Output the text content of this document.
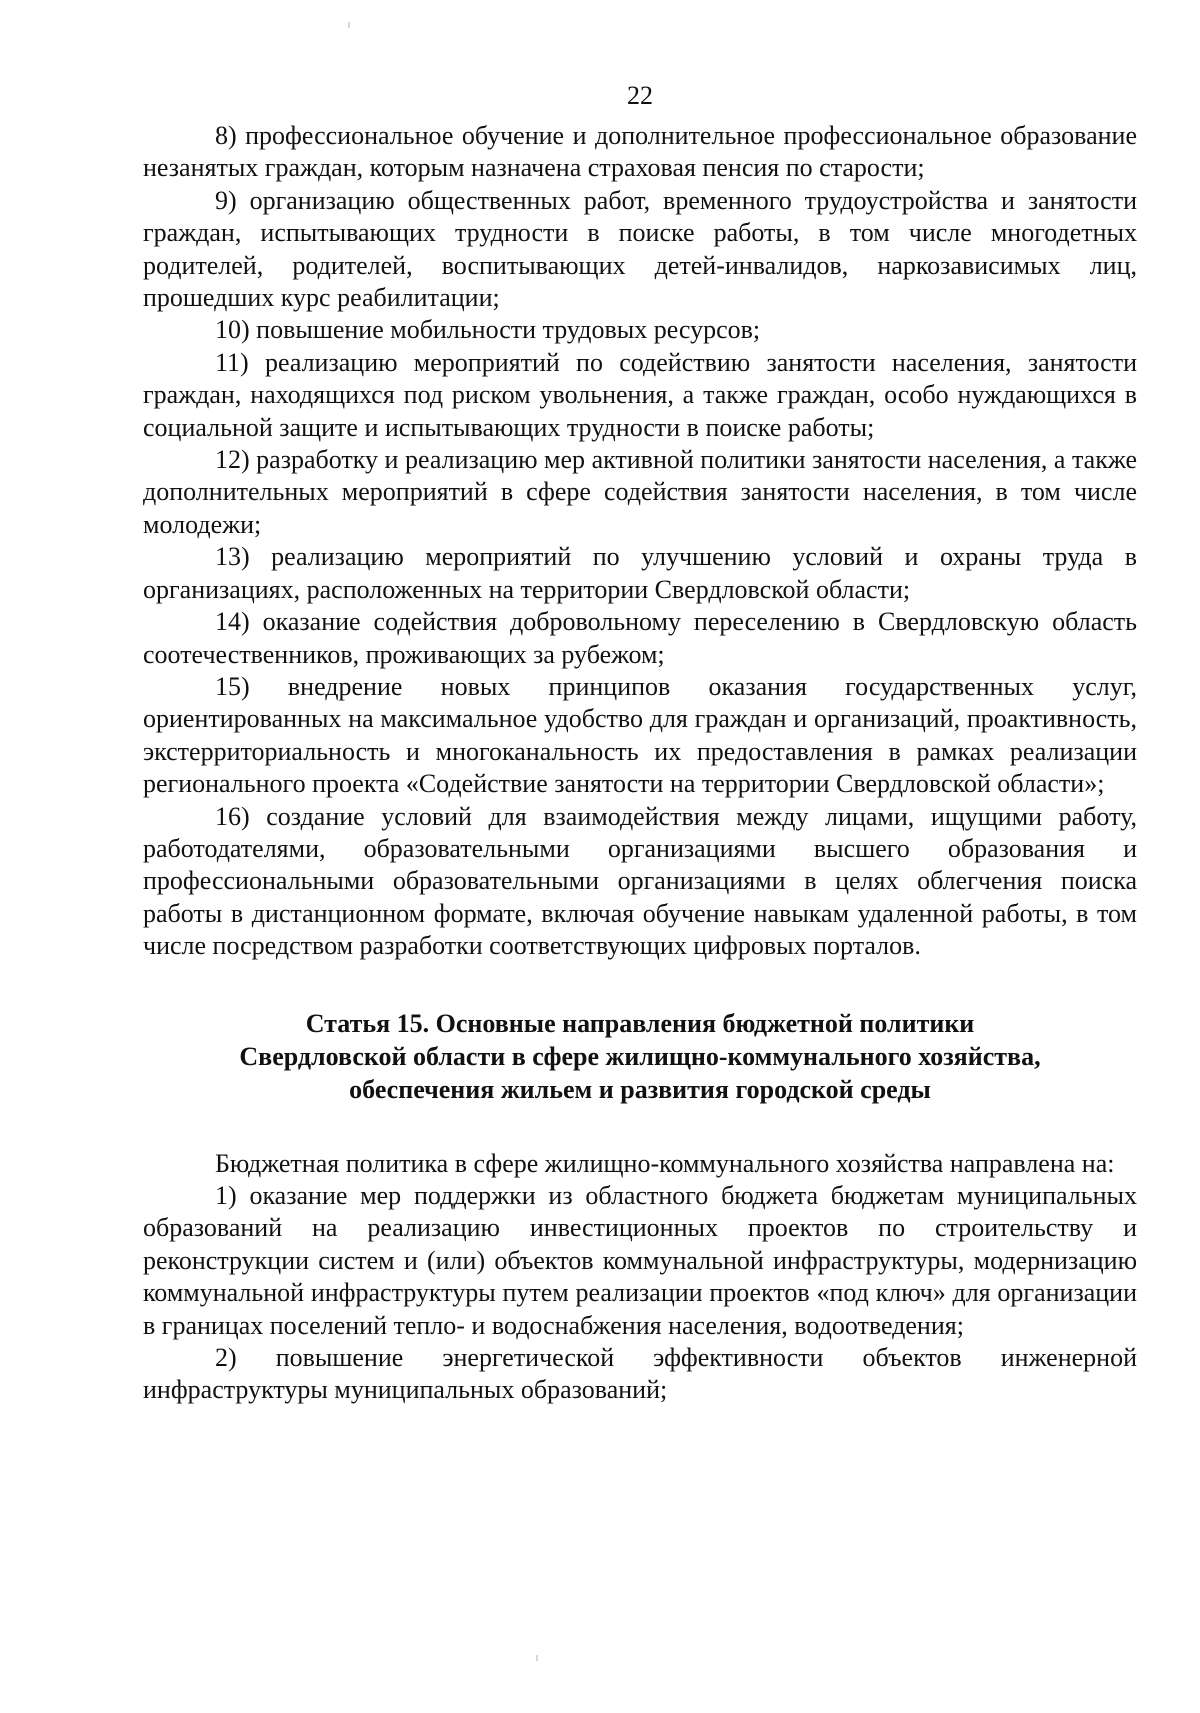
22

8) профессиональное обучение и дополнительное профессиональное образование незанятых граждан, которым назначена страховая пенсия по старости;

9) организацию общественных работ, временного трудоустройства и занятости граждан, испытывающих трудности в поиске работы, в том числе многодетных родителей, родителей, воспитывающих детей-инвалидов, наркозависимых лиц, прошедших курс реабилитации;

10) повышение мобильности трудовых ресурсов;

11) реализацию мероприятий по содействию занятости населения, занятости граждан, находящихся под риском увольнения, а также граждан, особо нуждающихся в социальной защите и испытывающих трудности в поиске работы;

12) разработку и реализацию мер активной политики занятости населения, а также дополнительных мероприятий в сфере содействия занятости населения, в том числе молодежи;

13) реализацию мероприятий по улучшению условий и охраны труда в организациях, расположенных на территории Свердловской области;

14) оказание содействия добровольному переселению в Свердловскую область соотечественников, проживающих за рубежом;

15) внедрение новых принципов оказания государственных услуг, ориентированных на максимальное удобство для граждан и организаций, проактивность, экстерриториальность и многоканальность их предоставления в рамках реализации регионального проекта «Содействие занятости на территории Свердловской области»;

16) создание условий для взаимодействия между лицами, ищущими работу, работодателями, образовательными организациями высшего образования и профессиональными образовательными организациями в целях облегчения поиска работы в дистанционном формате, включая обучение навыкам удаленной работы, в том числе посредством разработки соответствующих цифровых порталов.

Статья 15. Основные направления бюджетной политики
Свердловской области в сфере жилищно-коммунального хозяйства,
обеспечения жильем и развития городской среды

Бюджетная политика в сфере жилищно-коммунального хозяйства направлена на:

1) оказание мер поддержки из областного бюджета бюджетам муниципальных образований на реализацию инвестиционных проектов по строительству и реконструкции систем и (или) объектов коммунальной инфраструктуры, модернизацию коммунальной инфраструктуры путем реализации проектов «под ключ» для организации в границах поселений тепло- и водоснабжения населения, водоотведения;

2) повышение энергетической эффективности объектов инженерной инфраструктуры муниципальных образований;
